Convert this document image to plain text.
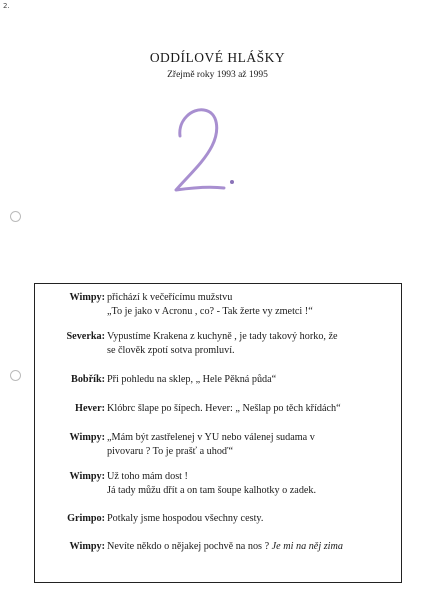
2.
ODDÍLOVÉ HLÁŠKY
Zřejmě roky 1993 až 1995
Wimpy: přichází k večeřícímu mužstvu
„To je jako v Acronu , co? - Tak žerte vy zmetci !“
Severka: Vypustíme Krakena z kuchyně , je tady takový horko, že
se člověk zpotí sotva promluví.
Bobřík: Při pohledu na sklep, „ Hele Pěkná půda“
Hever: Klóbrc šlape po šípech. Hever: „ Nešlap po těch křídách“
Wimpy: „Mám být zastřelenej v YU nebo válenej sudama v
pivovaru ? To je prašť a uhoď“
Wimpy: Už toho mám dost !
Já tady můžu dřít a on tam šoupe kalhotky o zadek.
Grimpo: Potkaly jsme hospodou všechny cesty.
Wimpy: Nevíte někdo o nějakej pochvě na nos ? Je mi na něj zima
